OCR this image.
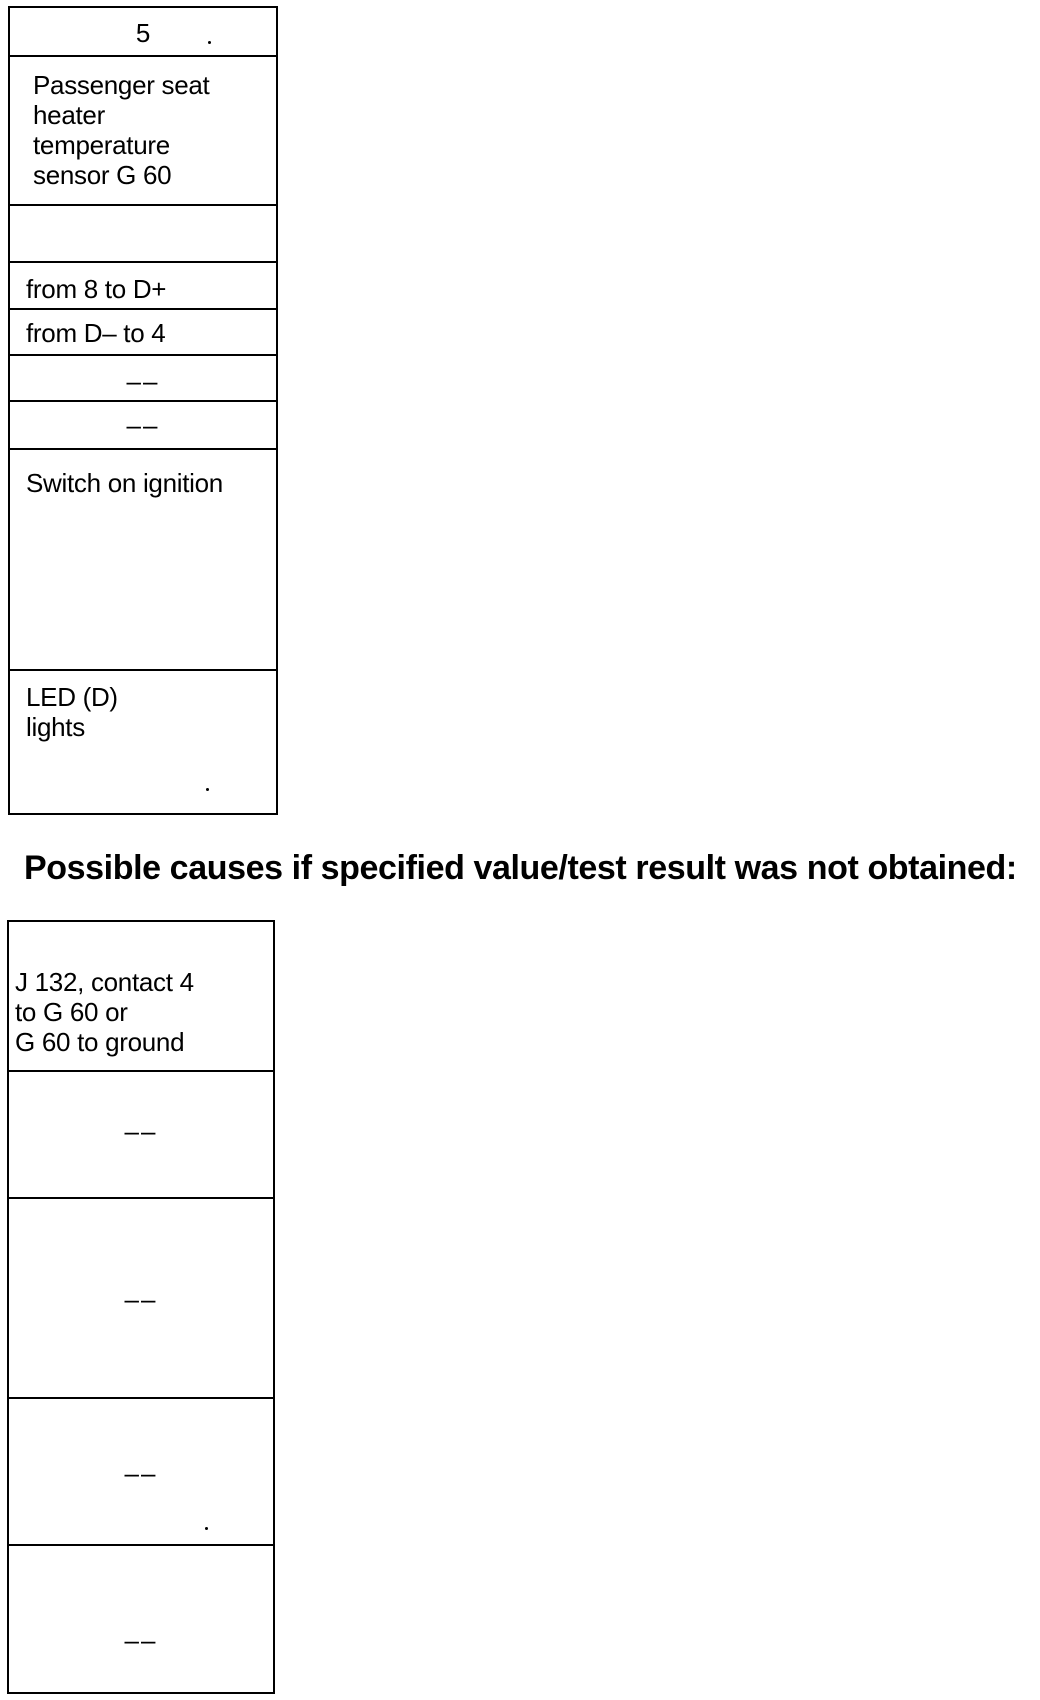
5
Passenger seat
heater
temperature
sensor G 60
from 8 to D+
from D– to 4
––
––
Switch on ignition
LED (D)
lights
Possible causes if specified value/test result was not obtained:
J 132, contact 4
to G 60 or
G 60 to ground
––
––
––
––
